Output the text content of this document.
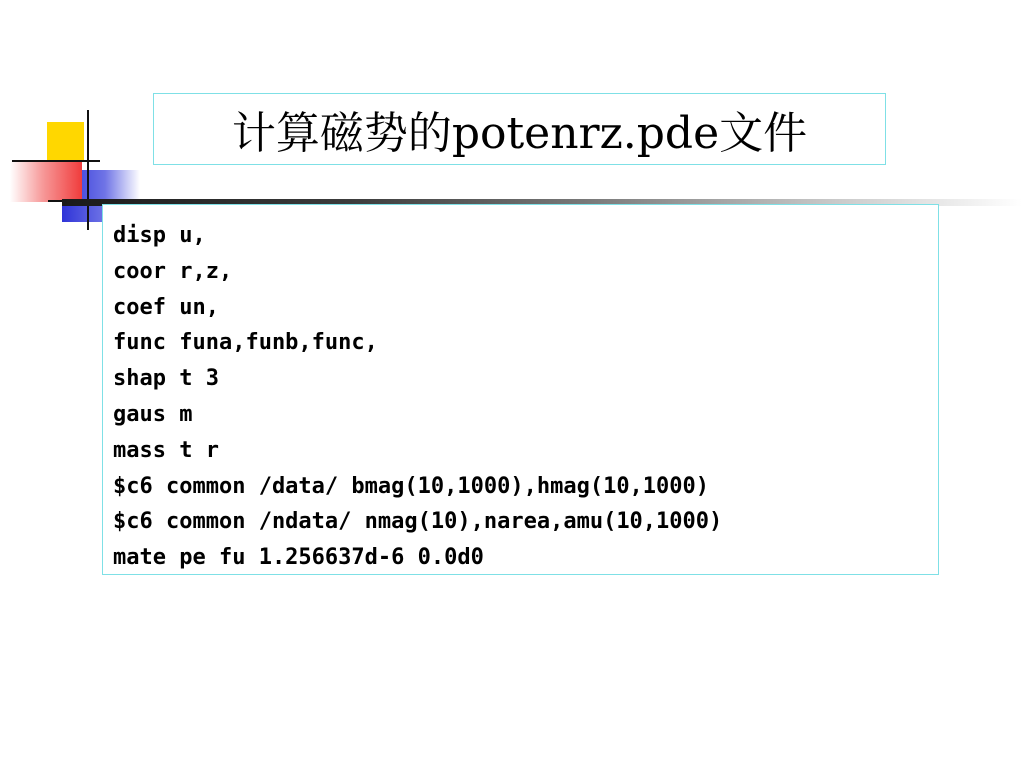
计算磁势的potenrz.pde文件
disp u,
coor r,z,
coef un,
func funa,funb,func,
shap t 3
gaus m
mass t r
$c6 common /data/ bmag(10,1000),hmag(10,1000)
$c6 common /ndata/ nmag(10),narea,amu(10,1000)
mate pe fu 1.256637d-6 0.0d0
